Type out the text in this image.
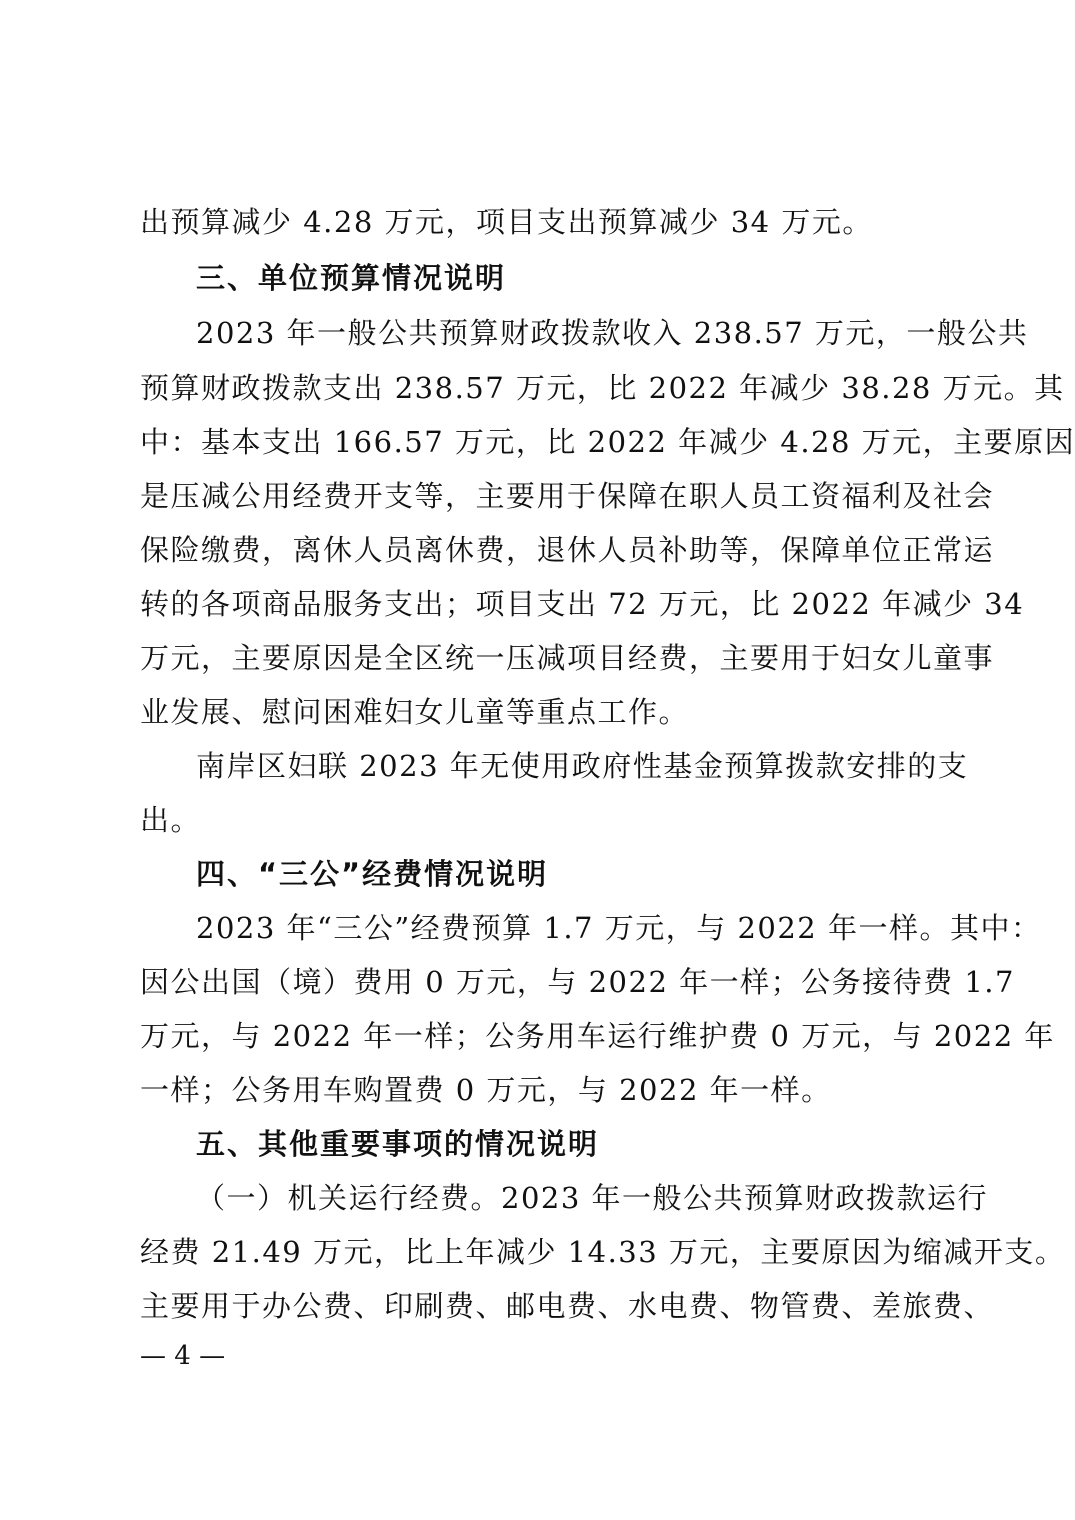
出预算减少 4.28 万元，项目支出预算减少 34 万元。
三、单位预算情况说明
2023 年一般公共预算财政拨款收入 238.57 万元，一般公共
预算财政拨款支出 238.57 万元，比 2022 年减少 38.28 万元。其
中：基本支出 166.57 万元，比 2022 年减少 4.28 万元，主要原因
是压减公用经费开支等，主要用于保障在职人员工资福利及社会
保险缴费，离休人员离休费，退休人员补助等，保障单位正常运
转的各项商品服务支出；项目支出 72 万元，比 2022 年减少 34
万元，主要原因是全区统一压减项目经费，主要用于妇女儿童事
业发展、慰问困难妇女儿童等重点工作。
南岸区妇联 2023 年无使用政府性基金预算拨款安排的支
出。
四、“三公”经费情况说明
2023 年“三公”经费预算 1.7 万元，与 2022 年一样。其中：
因公出国（境）费用 0 万元，与 2022 年一样；公务接待费 1.7
万元，与 2022 年一样；公务用车运行维护费 0 万元，与 2022 年
一样；公务用车购置费 0 万元，与 2022 年一样。
五、其他重要事项的情况说明
（一）机关运行经费。2023 年一般公共预算财政拨款运行
经费 21.49 万元，比上年减少 14.33 万元，主要原因为缩减开支。
主要用于办公费、印刷费、邮电费、水电费、物管费、差旅费、
— 4 —
